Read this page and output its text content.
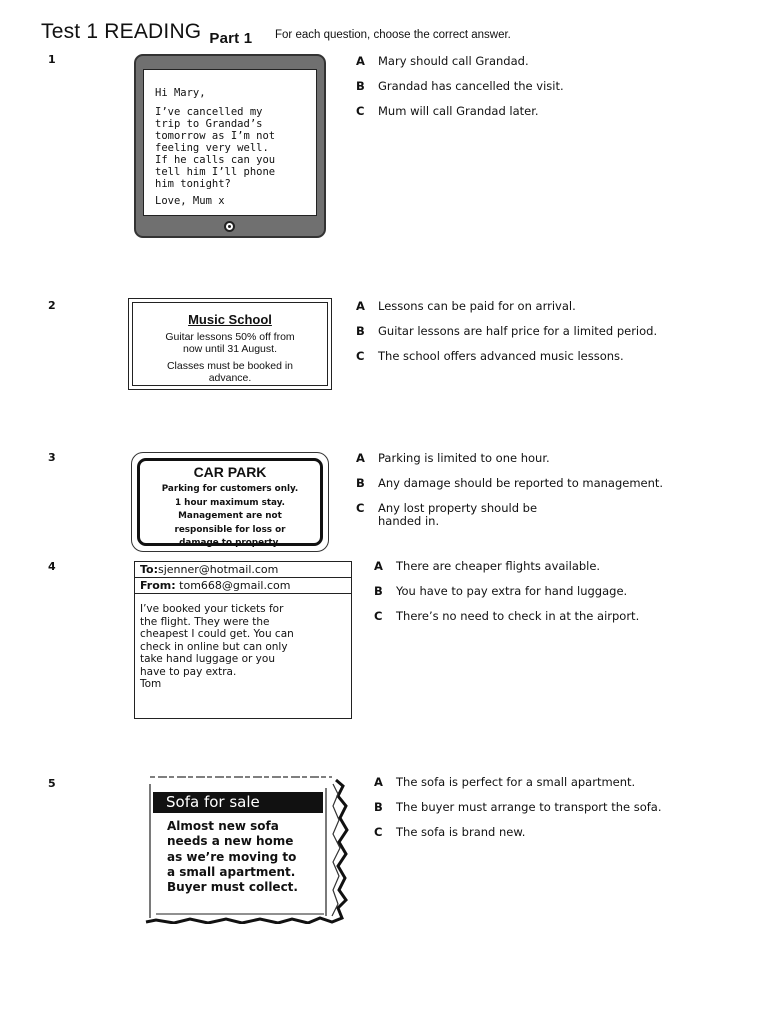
Test 1 READING $_{Part 1}$ For each question, choose the correct answer.
1

Hi Mary,

I’ve cancelled my

trip to Grandad’s

tomorrow as I’m not

feeling very well.

If he calls can you

tell him I’ll phone

him tonight?

Love, Mum x

A Mary should call Grandad.
B Grandad has cancelled the visit.
C Mum will call Grandad later.
2
Music School
Guitar lessons 50% off from
now until 31 August.
Classes must be booked in
advance.
A Lessons can be paid for on arrival.
B Guitar lessons are half price for a limited period.
C The school offers advanced music lessons.
3
CAR PARK
Parking for customers only.
1 hour maximum stay.
Management are not
responsible for loss or
damage to property.
A Parking is limited to one hour.
B Any damage should be reported to management.
C Any lost property should be handed in.
4	To:sjenner@hotmail.com
From: tom668@gmail.com

I’ve booked your tickets for

the flight. They were the

cheapest I could get. You can

check in online but can only

take hand luggage or you

have to pay extra.

Tom

A There are cheaper flights available.
B You have to pay extra for hand luggage.
C There’s no need to check in at the airport.
5
Sofa for sale
Almost new sofa
needs a new home
as we’re moving to
a small apartment.
Buyer must collect.
A The sofa is perfect for a small apartment.
B The buyer must arrange to transport the sofa.
C The sofa is brand new.
